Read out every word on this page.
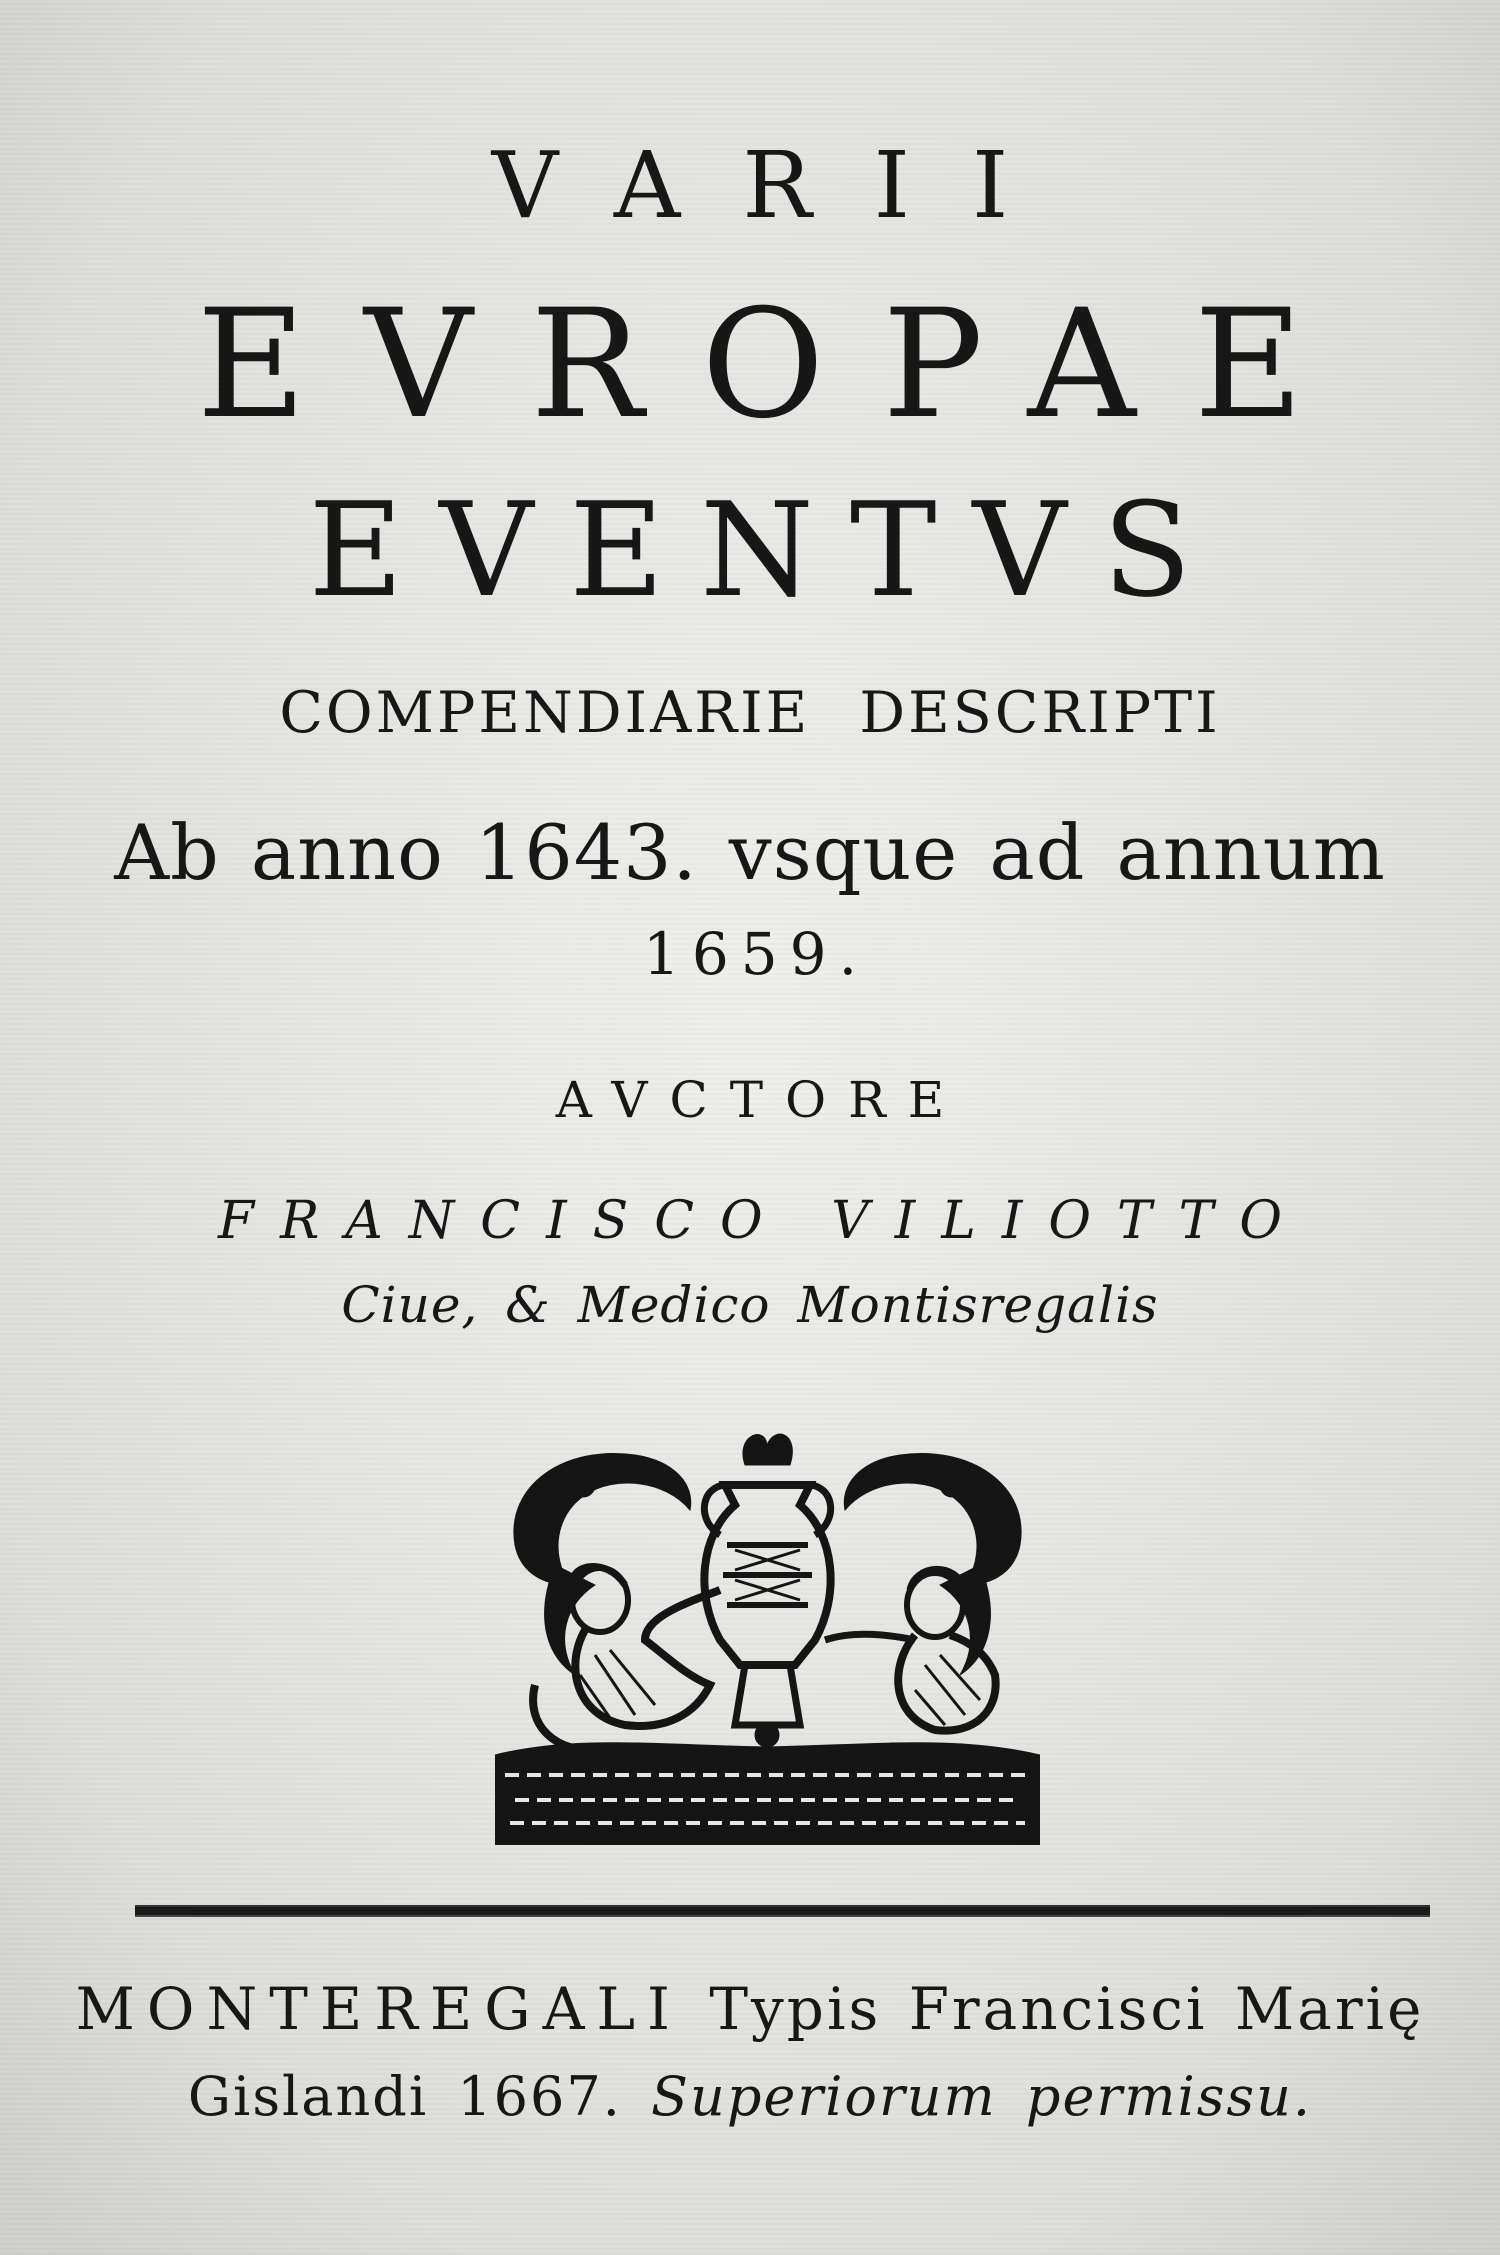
VARII
EVROPAE
EVENTVS
COMPENDIARIE DESCRIPTI
Ab anno 1643. vsque ad annum
1659.
AVCTORE
FRANCISCO VILIOTTO
Ciue, & Medico Montisregalis
MONTEREGALI Typis Francisci Marię
Gislandi 1667. Superiorum permissu.
